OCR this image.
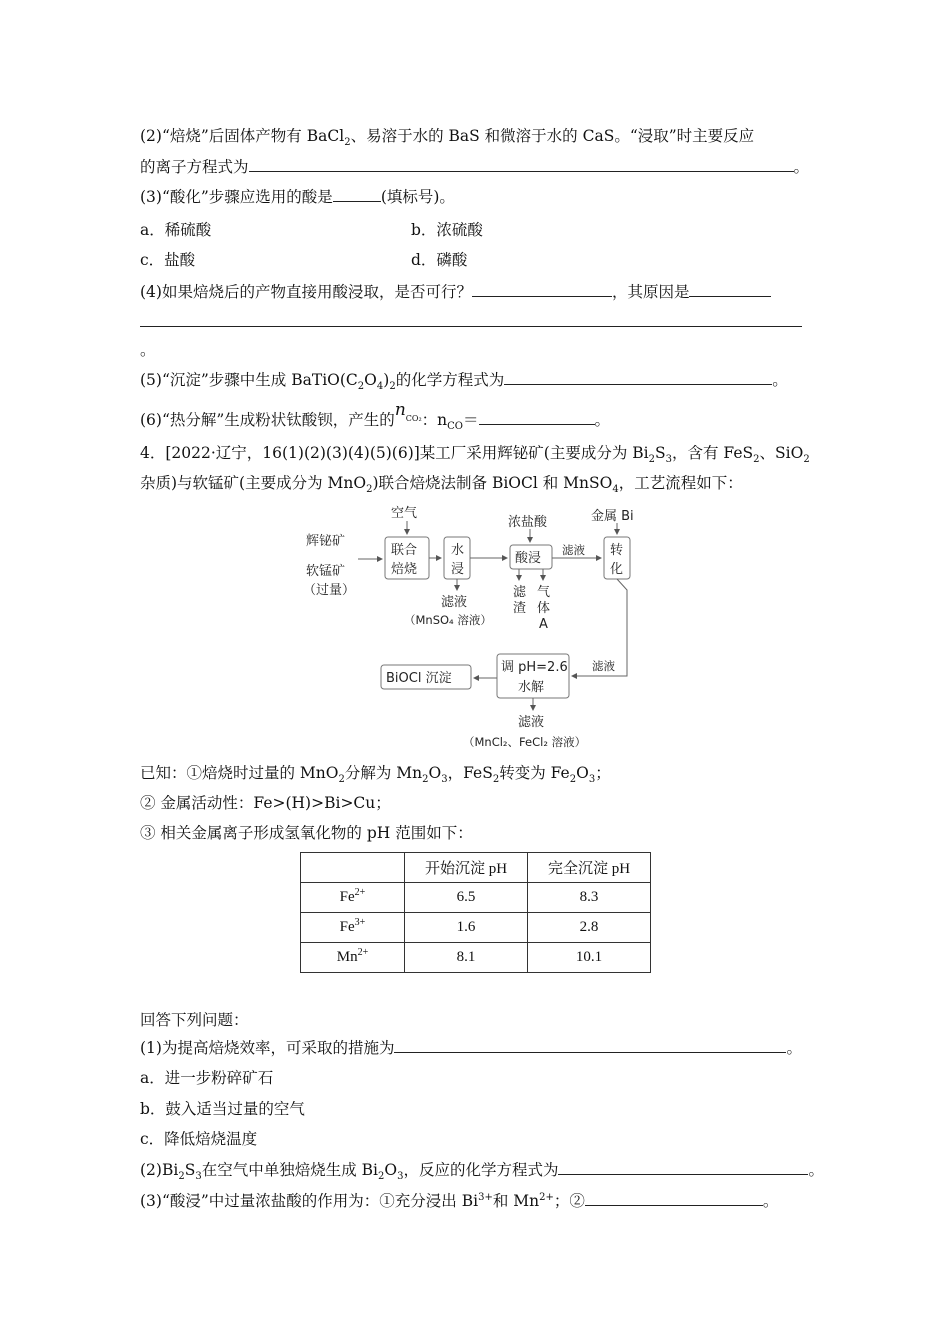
(2)“焙烧”后固体产物有 BaCl$_2$、易溶于水的 BaS 和微溶于水的 CaS。“浸取”时主要反应
的离子方程式为	。
(3)“酸化”步骤应选用的酸是	(填标号)。
a．稀硫酸	b．浓硫酸
c．盐酸	d．磷酸
(4)如果焙烧后的产物直接用酸浸取，是否可行？	，其原因是
。
(5)“沉淀”步骤中生成 $BaTiO(C_2O_4)_2$的化学方程式为	。
(6)“热分解”生成粉状钛酸钡，产生的$n^{CO_2}$：$n_{CO}=$	。
4．[2022·辽宁，16(1)(2)(3)(4)(5)(6)]某工厂采用辉铋矿(主要成分为 $Bi_2S_3$，含有 FeS$_2$、SiO$_2$
杂质)与软锰矿(主要成分为 MnO$_2$)联合焙烧法制备 BiOCl 和 MnSO$_4$，工艺流程如下：
辉铋矿
软锰矿
（过量）
空气
联合
焙烧
水
浸
滤液
（MnSO₄ 溶液）
浓盐酸
酸浸
滤液
滤
渣
气
体
A
金属 Bi
转
化
滤液
调 pH=2.6
水解
BiOCl 沉淀
滤液
（MnCl₂、FeCl₂ 溶液）
已知：①焙烧时过量的 MnO$_2$分解为 $Mn_2O_3$，FeS$_2$转变为 $Fe_2O_3$；
② 金属活动性：Fe>(H)>Bi>Cu；
③ 相关金属离子形成氢氧化物的 pH 范围如下：
	开始沉淀 pH	完全沉淀 pH
$Fe^{2+}$	6.5	8.3
$Fe^{3+}$	1.6	2.8
$Mn^{2+}$	8.1	10.1
回答下列问题：
(1)为提高焙烧效率，可采取的措施为	。
a．进一步粉碎矿石
b．鼓入适当过量的空气
c．降低焙烧温度
$(2)Bi_2S_3$在空气中单独焙烧生成 $Bi_2O_3$，反应的化学方程式为	。
(3)“酸浸”中过量浓盐酸的作用为：①充分浸出 $Bi^{3+}$和 $Mn^{2+}$；②	。
